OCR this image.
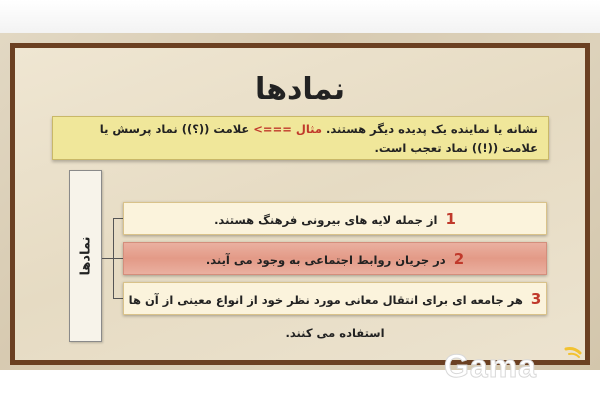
نمادها
نشانه یا نماینده یک پدیده دیگر هستند. مثال ===> علامت ((؟)) نماد پرسش یا علامت ((!)) نماد تعجب است.
نمادها
1 از جمله لایه های بیرونی فرهنگ هستند.
2 در جریان روابط اجتماعی به وجود می آیند.
3 هر جامعه ای برای انتقال معانی مورد نظر خود از انواع معینی از آن ها استفاده می کنند.
Gama
